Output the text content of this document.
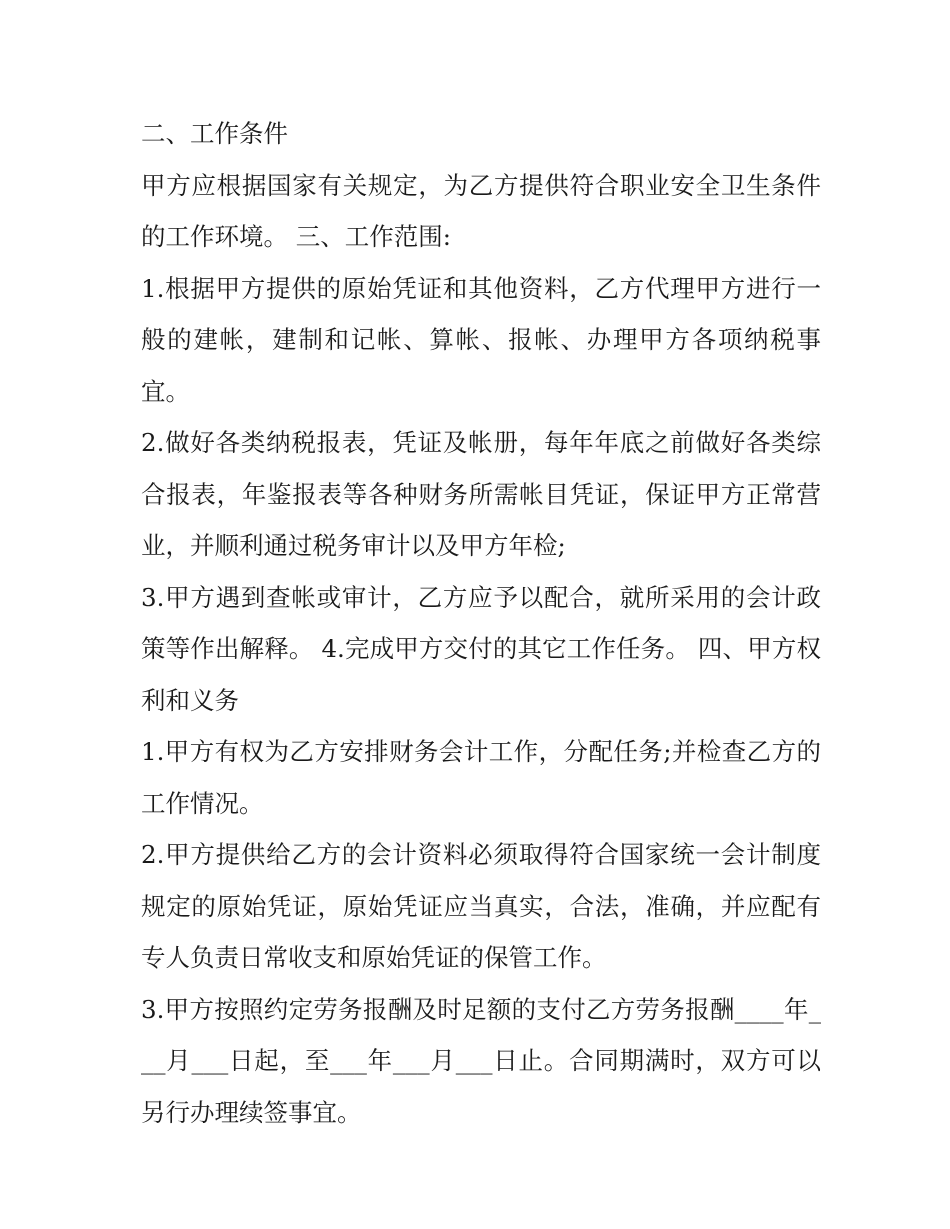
二、工作条件

甲方应根据国家有关规定，为乙方提供符合职业安全卫生条件的工作环境。 三、工作范围:

1.根据甲方提供的原始凭证和其他资料，乙方代理甲方进行一般的建帐，建制和记帐、算帐、报帐、办理甲方各项纳税事宜。

2.做好各类纳税报表，凭证及帐册，每年年底之前做好各类综合报表，年鉴报表等各种财务所需帐目凭证，保证甲方正常营业，并顺利通过税务审计以及甲方年检;

3.甲方遇到查帐或审计，乙方应予以配合，就所采用的会计政策等作出解释。 4.完成甲方交付的其它工作任务。 四、甲方权利和义务

1.甲方有权为乙方安排财务会计工作，分配任务;并检查乙方的工作情况。

2.甲方提供给乙方的会计资料必须取得符合国家统一会计制度规定的原始凭证，原始凭证应当真实，合法，准确，并应配有专人负责日常收支和原始凭证的保管工作。

3.甲方按照约定劳务报酬及时足额的支付乙方劳务报酬____年___月___日起，至___年___月___日止。合同期满时，双方可以另行办理续签事宜。
